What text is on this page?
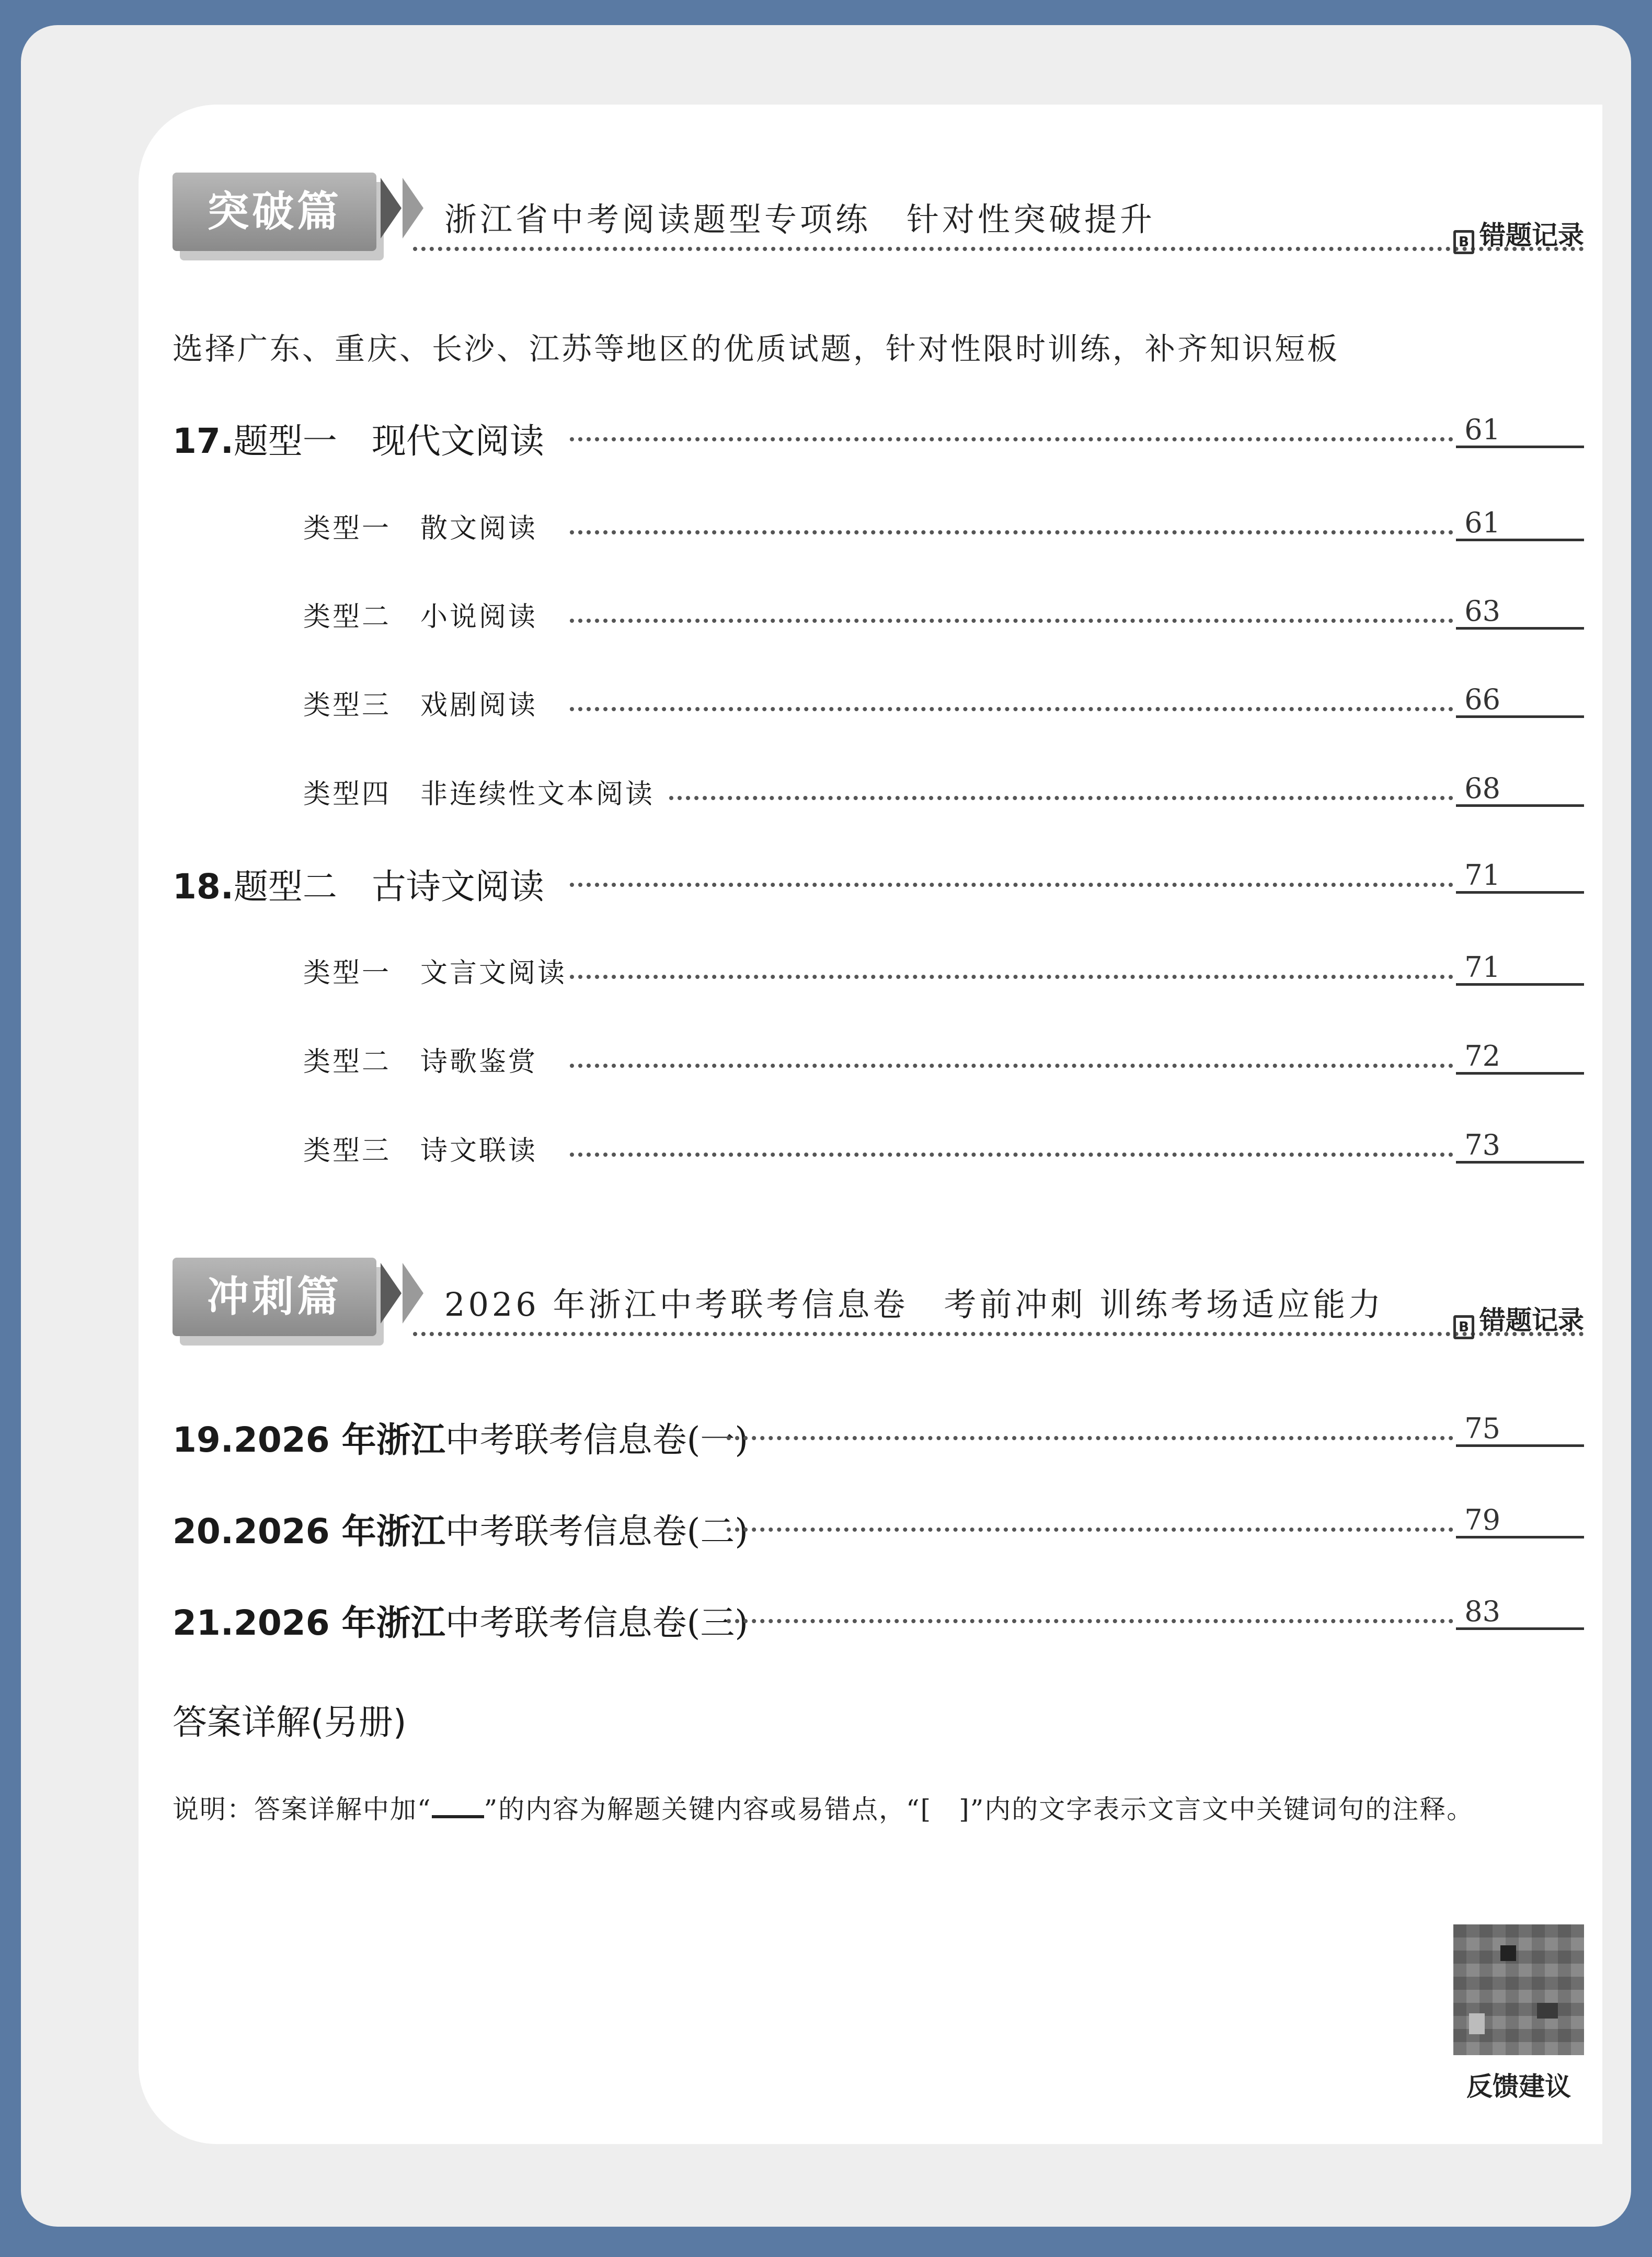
突破篇	浙江省中考阅读题型专项练　针对性突破提升
B 错题记录
选择广东、重庆、长沙、江苏等地区的优质试题，针对性限时训练，补齐知识短板
17.题型一　现代文阅读	61
类型一　散文阅读	61
类型二　小说阅读	63
类型三　戏剧阅读	66
类型四　非连续性文本阅读	68
18.题型二　古诗文阅读	71
类型一　文言文阅读	71
类型二　诗歌鉴赏	72
类型三　诗文联读	73
冲刺篇	2026 年浙江中考联考信息卷　考前冲刺 训练考场适应能力
B 错题记录
19.2026 年浙江中考联考信息卷(一)	75
20.2026 年浙江中考联考信息卷(二)	79
21.2026 年浙江中考联考信息卷(三)	83
答案详解(另册)
说明：答案详解中加“ ”的内容为解题关键内容或易错点，“[　]”内的文字表示文言文中关键词句的注释。
反馈建议
